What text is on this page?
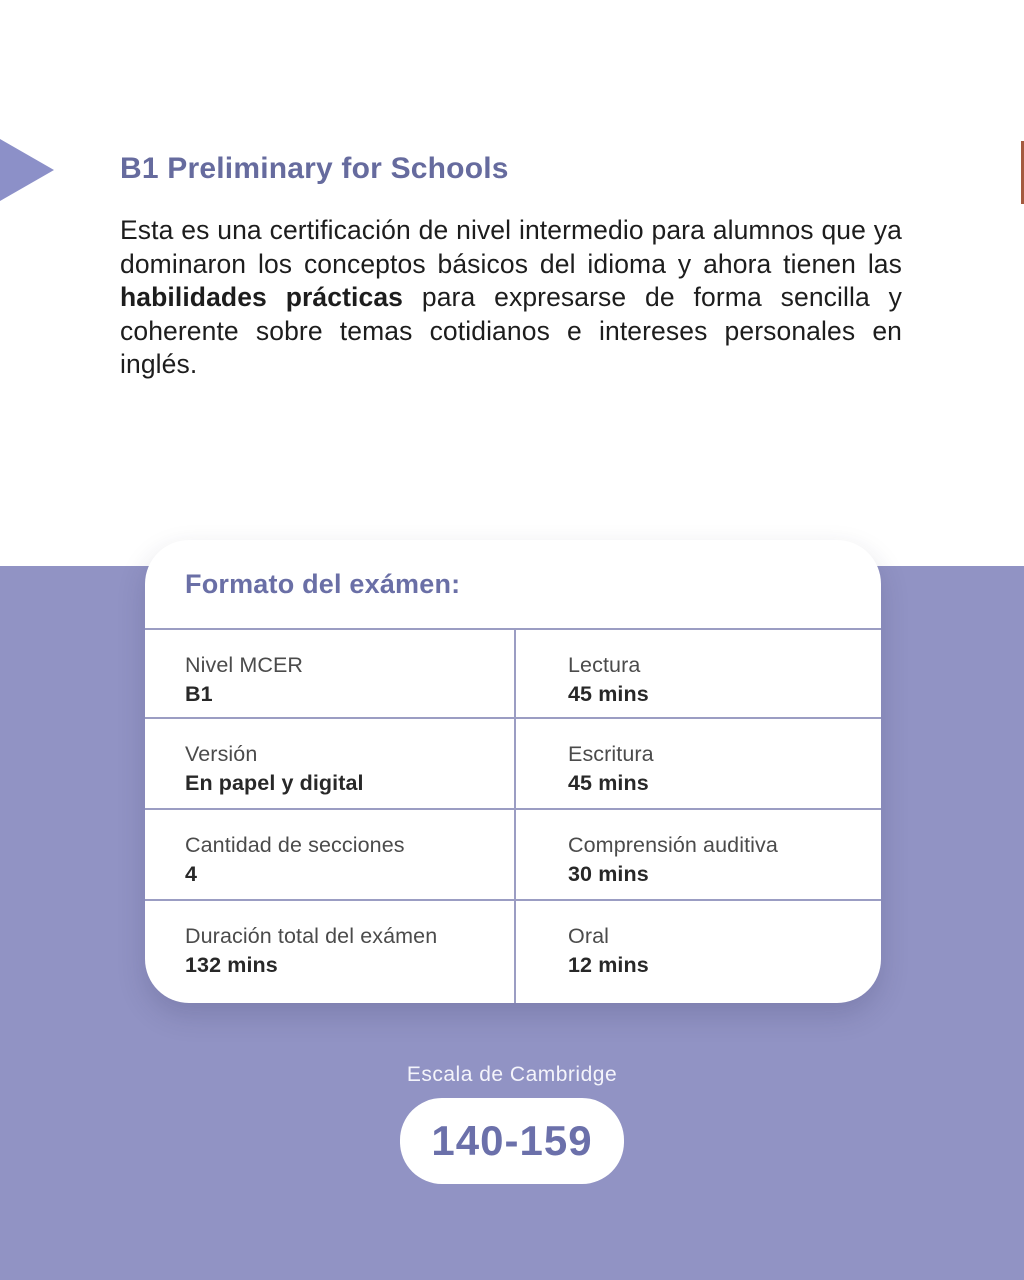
B1 Preliminary for Schools

Esta es una certificación de nivel intermedio para alumnos que ya dominaron los conceptos básicos del idioma y ahora tienen las habilidades prácticas para expresarse de forma sencilla y coherente sobre temas cotidianos e intereses personales en inglés.

Formato del exámen:
Nivel MCER
B1
Lectura
45 mins
Versión
En papel y digital
Escritura
45 mins
Cantidad de secciones
4
Comprensión auditiva
30 mins
Duración total del exámen
132 mins
Oral
12 mins
Escala de Cambridge
140-159
